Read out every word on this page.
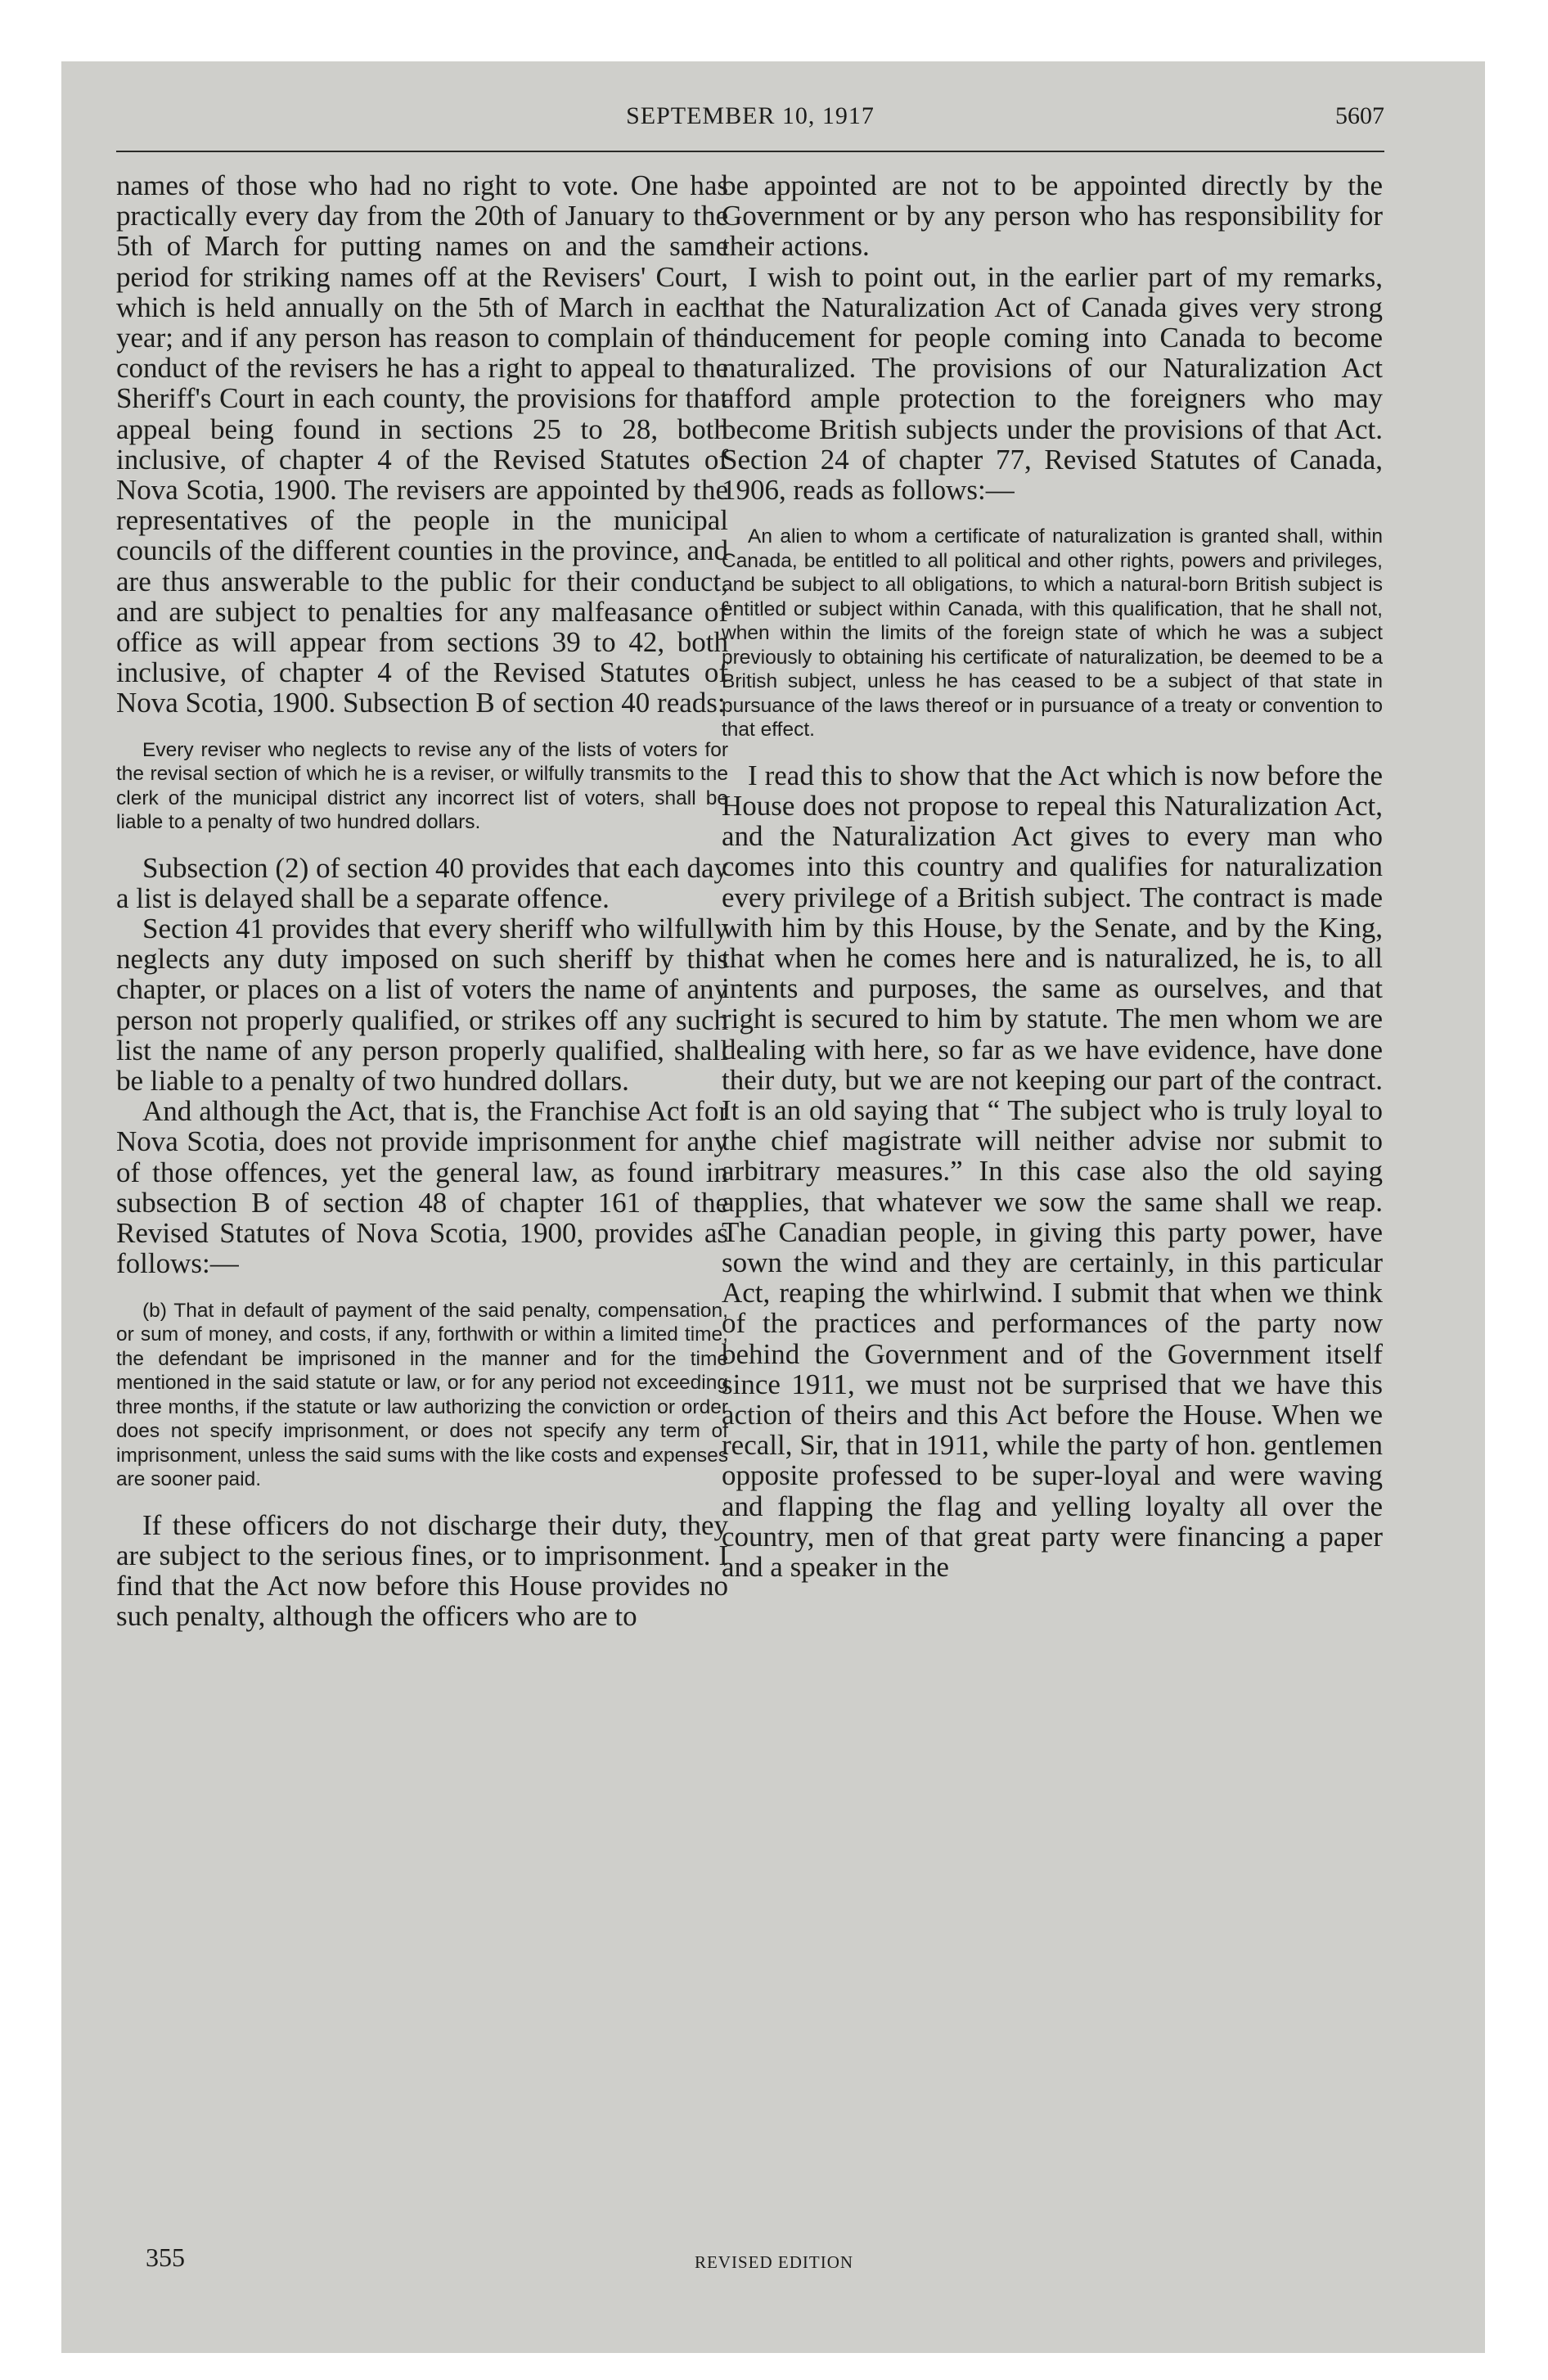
SEPTEMBER 10, 1917	5607

names of those who had no right to vote. One has practically every day from the 20th of January to the 5th of March for putting names on and the same period for striking names off at the Revisers' Court, which is held annually on the 5th of March in each year; and if any person has reason to complain of the conduct of the revisers he has a right to appeal to the Sheriff's Court in each county, the provisions for that appeal being found in sections 25 to 28, both inclusive, of chapter 4 of the Revised Statutes of Nova Scotia, 1900. The revisers are appointed by the representatives of the people in the municipal councils of the different counties in the province, and are thus answerable to the public for their conduct, and are subject to penalties for any malfeasance of office as will appear from sections 39 to 42, both inclusive, of chapter 4 of the Revised Statutes of Nova Scotia, 1900. Subsection B of section 40 reads:

Every reviser who neglects to revise any of the lists of voters for the revisal section of which he is a reviser, or wilfully transmits to the clerk of the municipal district any incorrect list of voters, shall be liable to a penalty of two hundred dollars.

Subsection (2) of section 40 provides that each day a list is delayed shall be a separate offence.

Section 41 provides that every sheriff who wilfully neglects any duty imposed on such sheriff by this chapter, or places on a list of voters the name of any person not properly qualified, or strikes off any such list the name of any person properly qualified, shall be liable to a penalty of two hundred dollars.

And although the Act, that is, the Franchise Act for Nova Scotia, does not provide imprisonment for any of those offences, yet the general law, as found in subsection B of section 48 of chapter 161 of the Revised Statutes of Nova Scotia, 1900, provides as follows:—

(b) That in default of payment of the said penalty, compensation, or sum of money, and costs, if any, forthwith or within a limited time, the defendant be imprisoned in the manner and for the time mentioned in the said statute or law, or for any period not exceeding three months, if the statute or law authorizing the conviction or order does not specify imprisonment, or does not specify any term of imprisonment, unless the said sums with the like costs and expenses are sooner paid.

If these officers do not discharge their duty, they are subject to the serious fines, or to imprisonment. I find that the Act now before this House provides no such penalty, although the officers who are to

be appointed are not to be appointed directly by the Government or by any person who has responsibility for their actions.

I wish to point out, in the earlier part of my remarks, that the Naturalization Act of Canada gives very strong inducement for people coming into Canada to become naturalized. The provisions of our Naturalization Act afford ample protection to the foreigners who may become British subjects under the provisions of that Act. Section 24 of chapter 77, Revised Statutes of Canada, 1906, reads as follows:—

An alien to whom a certificate of naturalization is granted shall, within Canada, be entitled to all political and other rights, powers and privileges, and be subject to all obligations, to which a natural-born British subject is entitled or subject within Canada, with this qualification, that he shall not, when within the limits of the foreign state of which he was a subject previously to obtaining his certificate of naturalization, be deemed to be a British subject, unless he has ceased to be a subject of that state in pursuance of the laws thereof or in pursuance of a treaty or convention to that effect.

I read this to show that the Act which is now before the House does not propose to repeal this Naturalization Act, and the Naturalization Act gives to every man who comes into this country and qualifies for naturalization every privilege of a British subject. The contract is made with him by this House, by the Senate, and by the King, that when he comes here and is naturalized, he is, to all intents and purposes, the same as ourselves, and that right is secured to him by statute. The men whom we are dealing with here, so far as we have evidence, have done their duty, but we are not keeping our part of the contract. It is an old saying that “ The subject who is truly loyal to the chief magistrate will neither advise nor submit to arbitrary measures.” In this case also the old saying applies, that whatever we sow the same shall we reap. The Canadian people, in giving this party power, have sown the wind and they are certainly, in this particular Act, reaping the whirlwind. I submit that when we think of the practices and performances of the party now behind the Government and of the Government itself since 1911, we must not be surprised that we have this action of theirs and this Act before the House. When we recall, Sir, that in 1911, while the party of hon. gentlemen opposite professed to be super-loyal and were waving and flapping the flag and yelling loyalty all over the country, men of that great party were financing a paper and a speaker in the

355	REVISED EDITION
